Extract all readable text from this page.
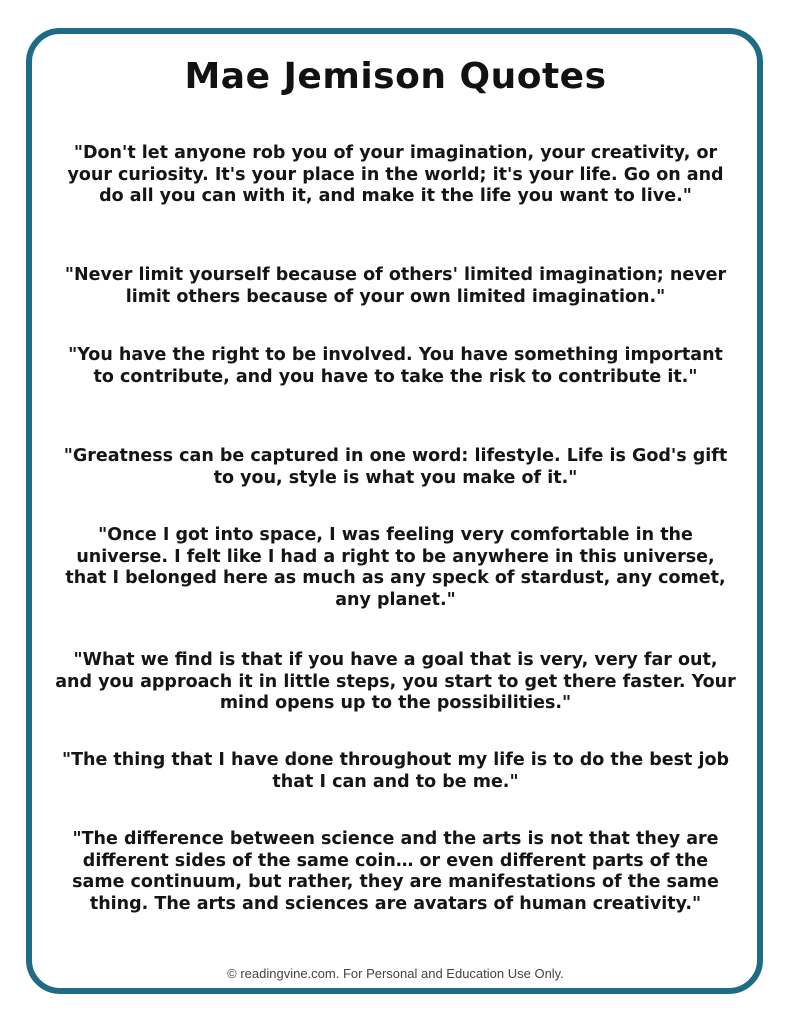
Mae Jemison Quotes

"Don't let anyone rob you of your imagination, your creativity, or your curiosity. It's your place in the world; it's your life. Go on and do all you can with it, and make it the life you want to live."

"Never limit yourself because of others' limited imagination; never limit others because of your own limited imagination."

"You have the right to be involved. You have something important to contribute, and you have to take the risk to contribute it."

"Greatness can be captured in one word: lifestyle. Life is God's gift to you, style is what you make of it."

"Once I got into space, I was feeling very comfortable in the universe. I felt like I had a right to be anywhere in this universe, that I belonged here as much as any speck of stardust, any comet, any planet."

"What we find is that if you have a goal that is very, very far out, and you approach it in little steps, you start to get there faster. Your mind opens up to the possibilities."

"The thing that I have done throughout my life is to do the best job that I can and to be me."

"The difference between science and the arts is not that they are different sides of the same coin… or even different parts of the same continuum, but rather, they are manifestations of the same thing. The arts and sciences are avatars of human creativity."

© readingvine.com. For Personal and Education Use Only.
